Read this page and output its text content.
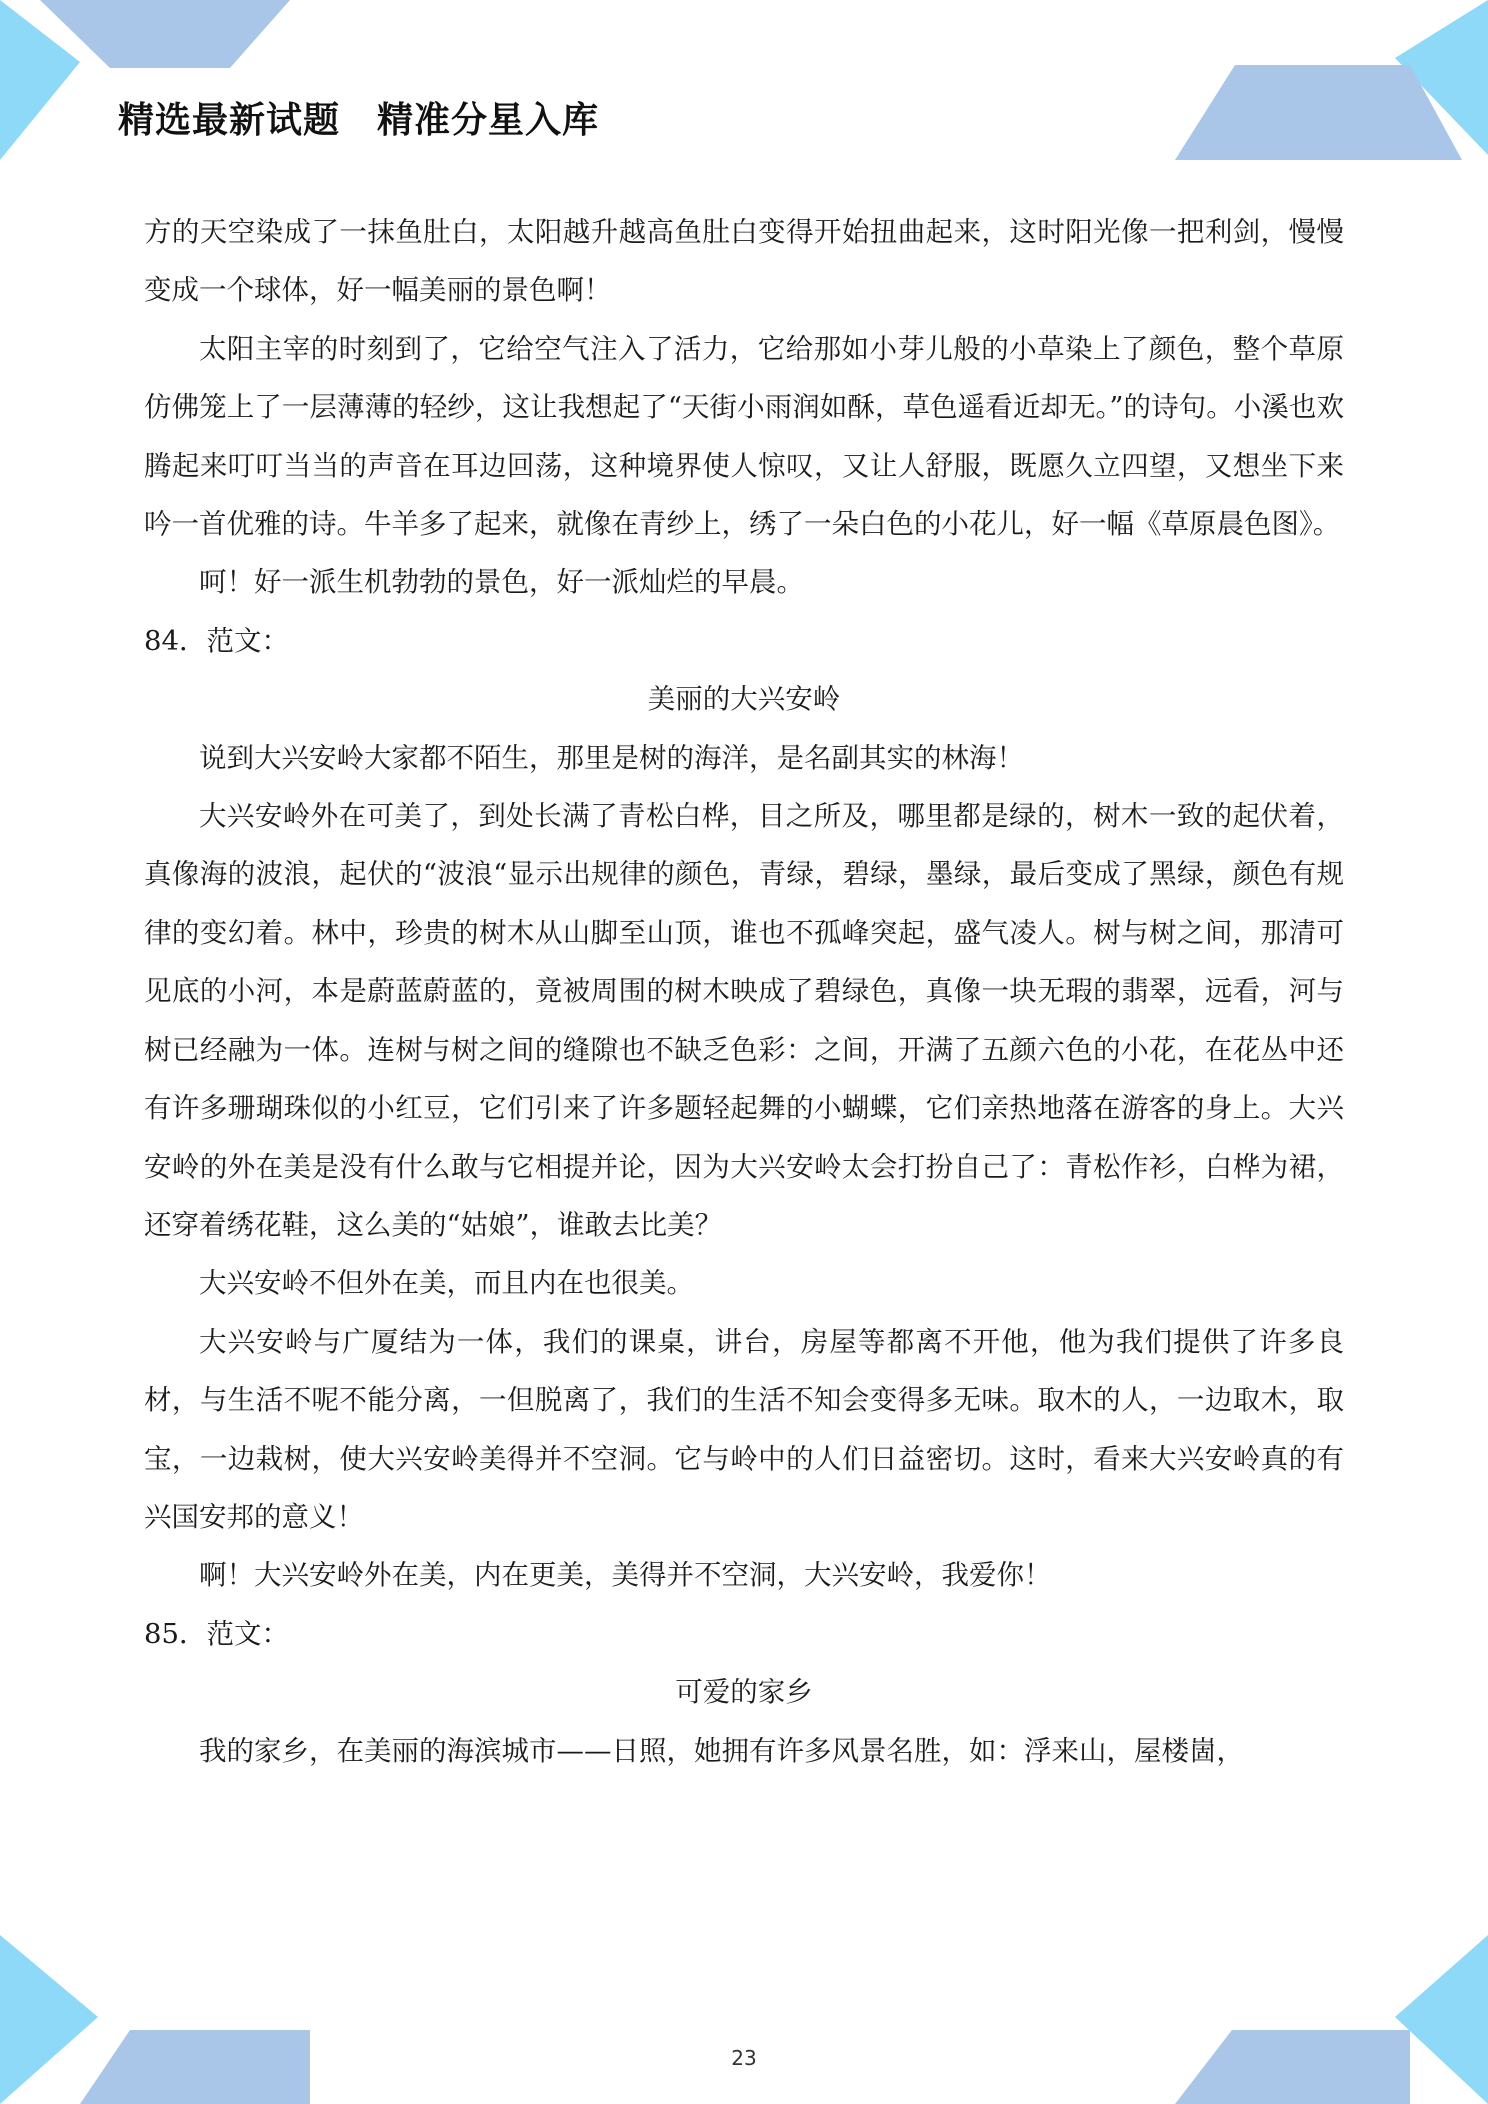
精选最新试题　精准分星入库

方的天空染成了一抹鱼肚白，太阳越升越高鱼肚白变得开始扭曲起来，这时阳光像一把利剑，慢慢变成一个球体，好一幅美丽的景色啊！

太阳主宰的时刻到了，它给空气注入了活力，它给那如小芽儿般的小草染上了颜色，整个草原仿佛笼上了一层薄薄的轻纱，这让我想起了“天街小雨润如酥，草色遥看近却无。”的诗句。小溪也欢腾起来叮叮当当的声音在耳边回荡，这种境界使人惊叹，又让人舒服，既愿久立四望，又想坐下来吟一首优雅的诗。牛羊多了起来，就像在青纱上，绣了一朵白色的小花儿，好一幅《草原晨色图》。

呵！好一派生机勃勃的景色，好一派灿烂的早晨。

84．范文：

美丽的大兴安岭

说到大兴安岭大家都不陌生，那里是树的海洋，是名副其实的林海！

大兴安岭外在可美了，到处长满了青松白桦，目之所及，哪里都是绿的，树木一致的起伏着，真像海的波浪，起伏的“波浪“显示出规律的颜色，青绿，碧绿，墨绿，最后变成了黑绿，颜色有规律的变幻着。林中，珍贵的树木从山脚至山顶，谁也不孤峰突起，盛气凌人。树与树之间，那清可见底的小河，本是蔚蓝蔚蓝的，竟被周围的树木映成了碧绿色，真像一块无瑕的翡翠，远看，河与树已经融为一体。连树与树之间的缝隙也不缺乏色彩：之间，开满了五颜六色的小花，在花丛中还有许多珊瑚珠似的小红豆，它们引来了许多题轻起舞的小蝴蝶，它们亲热地落在游客的身上。大兴安岭的外在美是没有什么敢与它相提并论，因为大兴安岭太会打扮自己了：青松作衫，白桦为裙，还穿着绣花鞋，这么美的“姑娘”，谁敢去比美？

大兴安岭不但外在美，而且内在也很美。

大兴安岭与广厦结为一体，我们的课桌，讲台，房屋等都离不开他，他为我们提供了许多良材，与生活不呢不能分离，一但脱离了，我们的生活不知会变得多无味。取木的人，一边取木，取宝，一边栽树，使大兴安岭美得并不空洞。它与岭中的人们日益密切。这时，看来大兴安岭真的有兴国安邦的意义！

啊！大兴安岭外在美，内在更美，美得并不空洞，大兴安岭，我爱你！

85．范文：

可爱的家乡

我的家乡，在美丽的海滨城市——日照，她拥有许多风景名胜，如：浮来山，屋楼崮，

23
